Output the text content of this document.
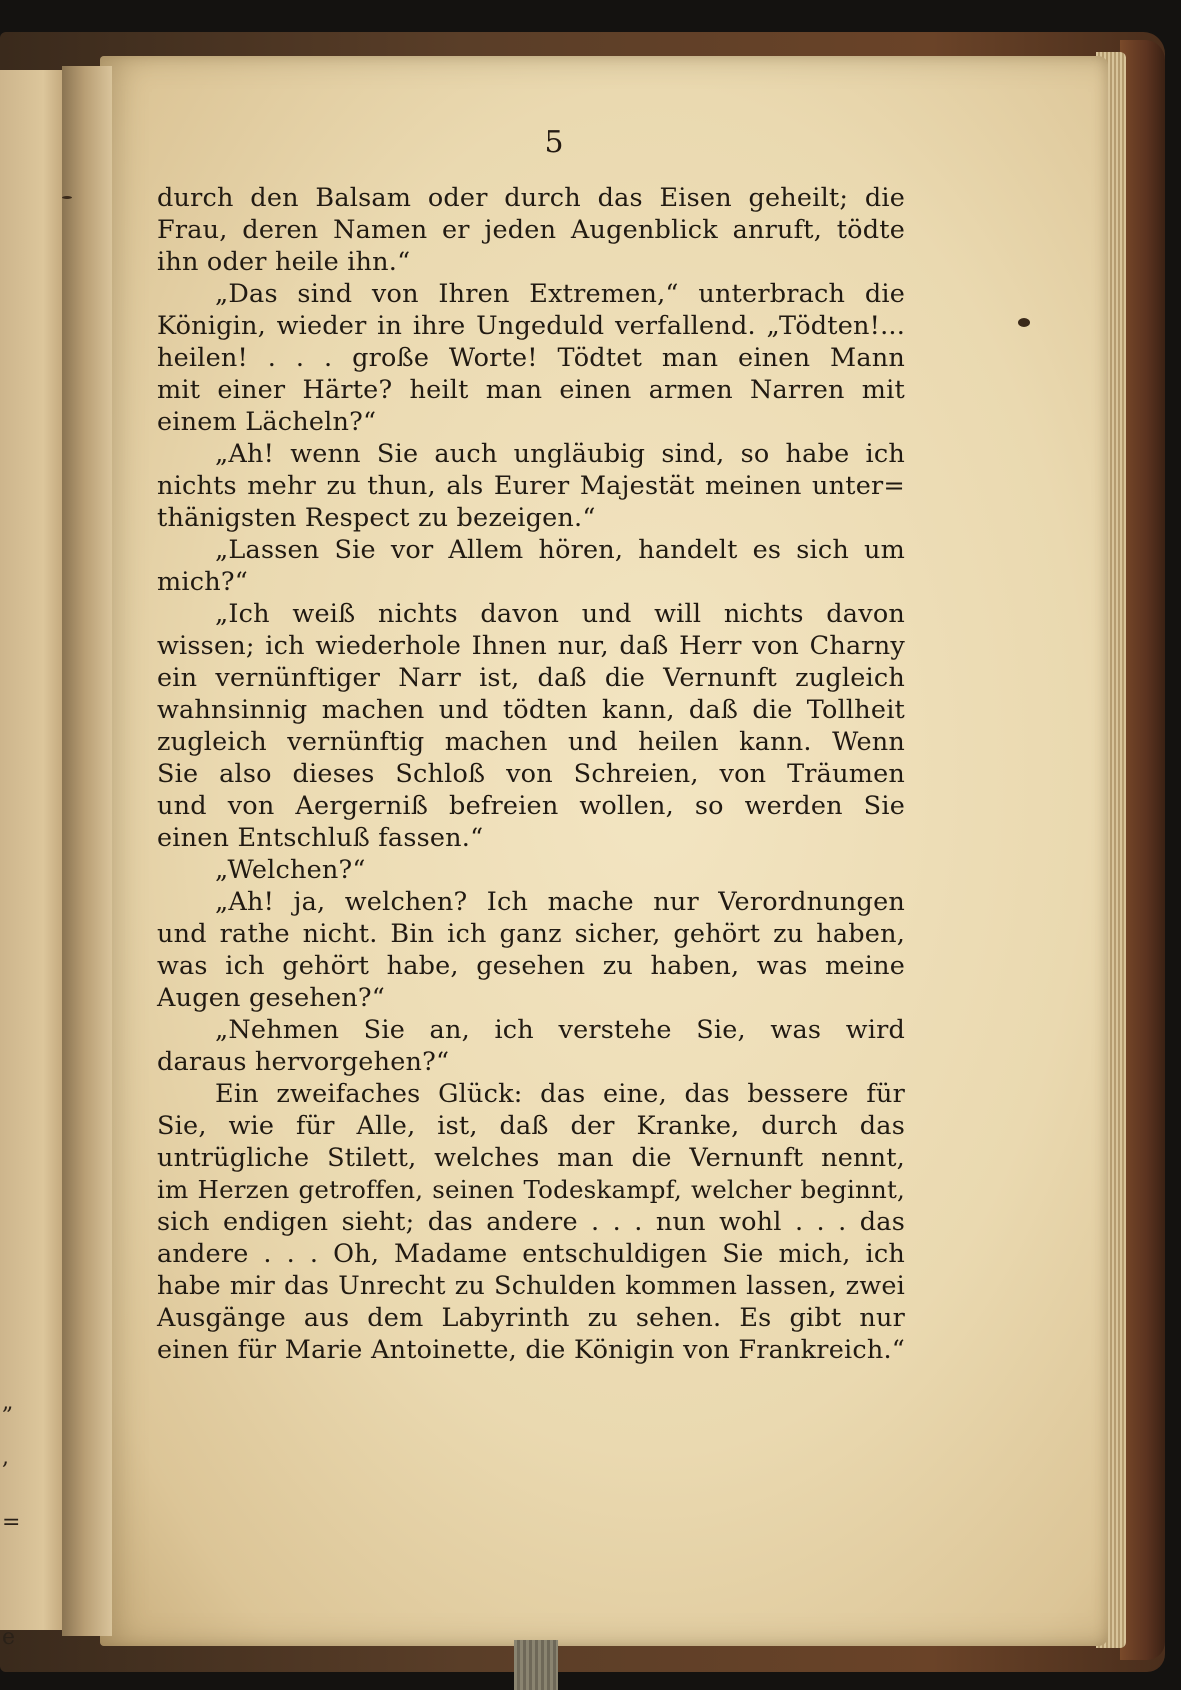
„
,
=
e
5
durch den Balsam oder durch das Eisen geheilt; die
Frau, deren Namen er jeden Augenblick anruft, tödte
ihn oder heile ihn.“
„Das sind von Ihren Extremen,“ unterbrach die
Königin, wieder in ihre Ungeduld verfallend. „Tödten!...
heilen! . . . große Worte! Tödtet man einen Mann
mit einer Härte? heilt man einen armen Narren mit
einem Lächeln?“
„Ah! wenn Sie auch ungläubig sind, so habe ich
nichts mehr zu thun, als Eurer Majestät meinen unter=
thänigsten Respect zu bezeigen.“
„Lassen Sie vor Allem hören, handelt es sich um
mich?“
„Ich weiß nichts davon und will nichts davon
wissen; ich wiederhole Ihnen nur, daß Herr von Charny
ein vernünftiger Narr ist, daß die Vernunft zugleich
wahnsinnig machen und tödten kann, daß die Tollheit
zugleich vernünftig machen und heilen kann. Wenn
Sie also dieses Schloß von Schreien, von Träumen
und von Aergerniß befreien wollen, so werden Sie
einen Entschluß fassen.“
„Welchen?“
„Ah! ja, welchen? Ich mache nur Verordnungen
und rathe nicht. Bin ich ganz sicher, gehört zu haben,
was ich gehört habe, gesehen zu haben, was meine
Augen gesehen?“
„Nehmen Sie an, ich verstehe Sie, was wird
daraus hervorgehen?“
Ein zweifaches Glück: das eine, das bessere für
Sie, wie für Alle, ist, daß der Kranke, durch das
untrügliche Stilett, welches man die Vernunft nennt,
im Herzen getroffen, seinen Todeskampf, welcher beginnt,
sich endigen sieht; das andere . . . nun wohl . . . das
andere . . . Oh, Madame entschuldigen Sie mich, ich
habe mir das Unrecht zu Schulden kommen lassen, zwei
Ausgänge aus dem Labyrinth zu sehen. Es gibt nur
einen für Marie Antoinette, die Königin von Frankreich.“
